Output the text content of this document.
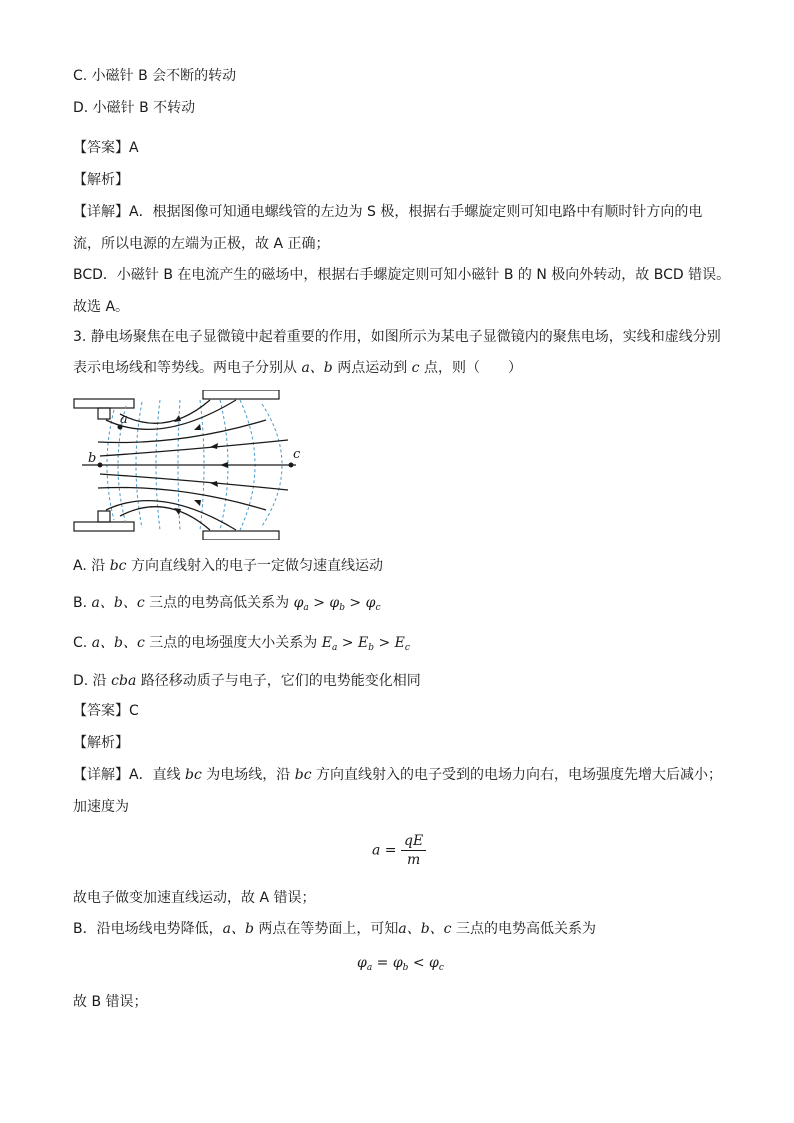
C. 小磁针 B 会不断的转动
D. 小磁针 B 不转动
【答案】A
【解析】
【详解】A．根据图像可知通电螺线管的左边为 S 极，根据右手螺旋定则可知电路中有顺时针方向的电
流，所以电源的左端为正极，故 A 正确；
BCD．小磁针 B 在电流产生的磁场中，根据右手螺旋定则可知小磁针 B 的 N 极向外转动，故 BCD 错误。
故选 A。
3. 静电场聚焦在电子显微镜中起着重要的作用，如图所示为某电子显微镜内的聚焦电场，实线和虚线分别
表示电场线和等势线。两电子分别从 a、b 两点运动到 c 点，则（　　）
a
b	c
A. 沿 bc 方向直线射入的电子一定做匀速直线运动
B. a、b、c 三点的电势高低关系为 $\varphi_a > \varphi_b > \varphi_c$
C. a、b、c 三点的电场强度大小关系为 $E_a > E_b > E_c$
D. 沿 cba 路径移动质子与电子，它们的电势能变化相同
【答案】C
【解析】
【详解】A．直线 bc 为电场线，沿 bc 方向直线射入的电子受到的电场力向右，电场强度先增大后减小；
加速度为
$a = \frac{qE}{m}$
故电子做变加速直线运动，故 A 错误；
B．沿电场线电势降低，a、b 两点在等势面上，可知a、b、c 三点的电势高低关系为
$\varphi_a = \varphi_b < \varphi_c$
故 B 错误；
